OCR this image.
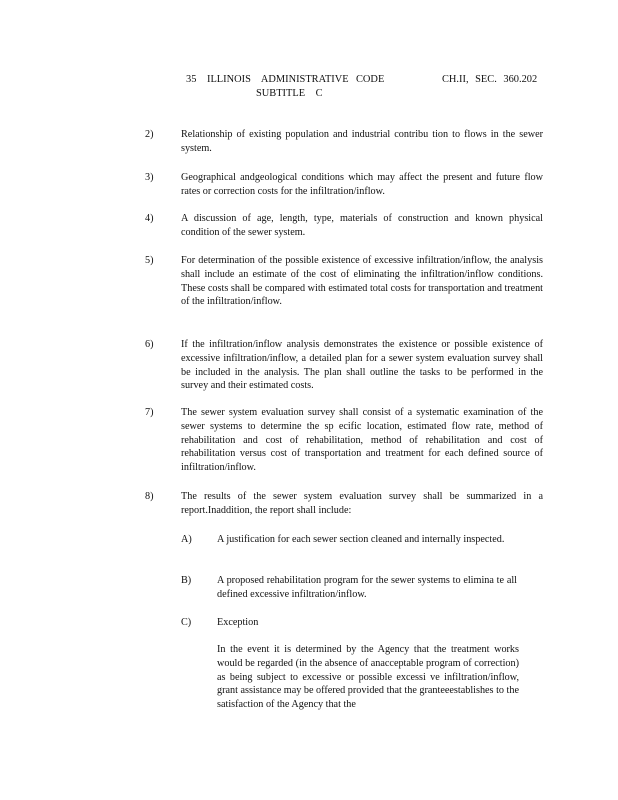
35 ILLINOIS ADMINISTRATIVE CODE	CH.II, SEC. 360.202
SUBTITLE C
2)	Relationship of existing population and industrial contribu tion to flows in the sewer system.
3)	Geographical andgeological conditions which may affect the present and future flow rates or correction costs for the infiltration/inflow.
4)	A discussion of age, length, type, materials of construction and known physical condition of the sewer system.
5)	For determination of the possible existence of excessive infiltration/inflow, the analysis shall include an estimate of the cost of eliminating the infiltration/inflow conditions. These costs shall be compared with estimated total costs for transportation and treatment of the infiltration/inflow.
6)	If the infiltration/inflow analysis demonstrates the existence or possible existence of excessive infiltration/inflow, a detailed plan for a sewer system evaluation survey shall be included in the analysis. The plan shall outline the tasks to be performed in the survey and their estimated costs.
7)	The sewer system evaluation survey shall consist of a systematic examination of the sewer systems to determine the sp ecific location, estimated flow rate, method of rehabilitation and cost of rehabilitation, method of rehabilitation and cost of rehabilitation versus cost of transportation and treatment for each defined source of infiltration/inflow.
8)	The results of the sewer system evaluation survey shall be summarized in a report.Inaddition, the report shall include:
A) A justification for each sewer section cleaned and internally inspected.
B)	A proposed rehabilitation program for the sewer systems to elimina te all defined excessive infiltration/inflow.
C)	Exception
In the event it is determined by the Agency that the treatment works would be regarded (in the absence of anacceptable program of correction) as being subject to excessive or possible excessi ve infiltration/inflow, grant assistance may be offered provided that the granteeestablishes to the satisfaction of the Agency that the
